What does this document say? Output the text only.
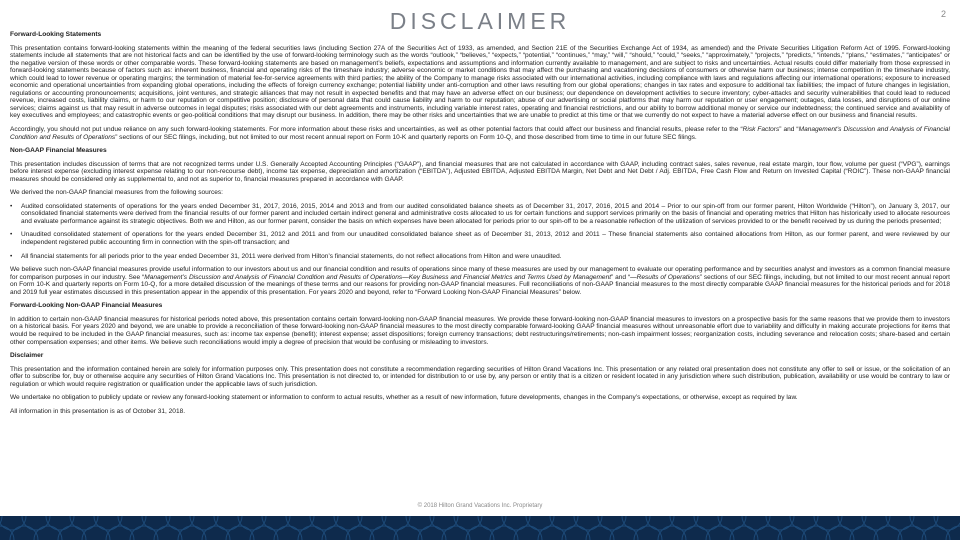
DISCLAIMER	2
Forward-Looking Statements

This presentation contains forward-looking statements within the meaning of the federal securities laws (including Section 27A of the Securities Act of 1933, as amended, and Section 21E of the Securities Exchange Act of 1934, as amended) and the Private Securities Litigation Reform Act of 1995. Forward-looking statements include all statements that are not historical facts and can be identified by the use of forward-looking terminology such as the words “outlook,” “believes,” “expects,” “potential,” “continues,” “may,” “will,” “should,” “could,” “seeks,” “approximately,” “projects,” “predicts,” “intends,” “plans,” “estimates,” “anticipates” or the negative version of these words or other comparable words. These forward-looking statements are based on management’s beliefs, expectations and assumptions and information currently available to management, and are subject to risks and uncertainties. Actual results could differ materially from those expressed in forward-looking statements because of factors such as: inherent business, financial and operating risks of the timeshare industry; adverse economic or market conditions that may affect the purchasing and vacationing decisions of consumers or otherwise harm our business; intense competition in the timeshare industry, which could lead to lower revenue or operating margins; the termination of material fee-for-service agreements with third parties; the ability of the Company to manage risks associated with our international activities, including compliance with laws and regulations affecting our international operations; exposure to increased economic and operational uncertainties from expanding global operations, including the effects of foreign currency exchange; potential liability under anti-corruption and other laws resulting from our global operations; changes in tax rates and exposure to additional tax liabilities; the impact of future changes in legislation, regulations or accounting pronouncements; acquisitions, joint ventures, and strategic alliances that may not result in expected benefits and that may have an adverse effect on our business; our dependence on development activities to secure inventory; cyber-attacks and security vulnerabilities that could lead to reduced revenue, increased costs, liability claims, or harm to our reputation or competitive position; disclosure of personal data that could cause liability and harm to our reputation; abuse of our advertising or social platforms that may harm our reputation or user engagement; outages, data losses, and disruptions of our online services; claims against us that may result in adverse outcomes in legal disputes; risks associated with our debt agreements and instruments, including variable interest rates, operating and financial restrictions, and our ability to borrow additional money or service our indebtedness; the continued service and availability of key executives and employees; and catastrophic events or geo-political conditions that may disrupt our business. In addition, there may be other risks and uncertainties that we are unable to predict at this time or that we currently do not expect to have a material adverse effect on our business and financial results.

Accordingly, you should not put undue reliance on any such forward-looking statements. For more information about these risks and uncertainties, as well as other potential factors that could affect our business and financial results, please refer to the “Risk Factors” and “Management’s Discussion and Analysis of Financial Condition and Results of Operations” sections of our SEC filings, including, but not limited to our most recent annual report on Form 10-K and quarterly reports on Form 10-Q, and those described from time to time in our future SEC filings.

Non-GAAP Financial Measures

This presentation includes discussion of terms that are not recognized terms under U.S. Generally Accepted Accounting Principles (“GAAP”), and financial measures that are not calculated in accordance with GAAP, including contract sales, sales revenue, real estate margin, tour flow, volume per guest (“VPG”), earnings before interest expense (excluding interest expense relating to our non-recourse debt), income tax expense, depreciation and amortization (“EBITDA”), Adjusted EBITDA, Adjusted EBITDA Margin, Net Debt and Net Debt / Adj. EBITDA, Free Cash Flow and Return on Invested Capital (“ROIC”). These non-GAAP financial measures should be considered only as supplemental to, and not as superior to, financial measures prepared in accordance with GAAP.

We derived the non-GAAP financial measures from the following sources:

• Audited consolidated statements of operations for the years ended December 31, 2017, 2016, 2015, 2014 and 2013 and from our audited consolidated balance sheets as of December 31, 2017, 2016, 2015 and 2014 – Prior to our spin-off from our former parent, Hilton Worldwide (“Hilton”), on January 3, 2017, our consolidated financial statements were derived from the financial results of our former parent and included certain indirect general and administrative costs allocated to us for certain functions and support services primarily on the basis of financial and operating metrics that Hilton has historically used to allocate resources and evaluate performance against its strategic objectives. Both we and Hilton, as our former parent, consider the basis on which expenses have been allocated for periods prior to our spin-off to be a reasonable reflection of the utilization of services provided to or the benefit received by us during the periods presented;
• Unaudited consolidated statement of operations for the years ended December 31, 2012 and 2011 and from our unaudited consolidated balance sheet as of December 31, 2013, 2012 and 2011 – These financial statements also contained allocations from Hilton, as our former parent, and were reviewed by our independent registered public accounting firm in connection with the spin-off transaction; and
• All financial statements for all periods prior to the year ended December 31, 2011 were derived from Hilton’s financial statements, do not reflect allocations from Hilton and were unaudited.

We believe such non-GAAP financial measures provide useful information to our investors about us and our financial condition and results of operations since many of these measures are used by our management to evaluate our operating performance and by securities analyst and investors as a common financial measure for comparison purposes in our industry. See “Management’s Discussion and Analysis of Financial Condition and Results of Operations—Key Business and Financial Metrics and Terms Used by Management” and “—Results of Operations” sections of our SEC filings, including, but not limited to our most recent annual report on Form 10-K and quarterly reports on Form 10-Q, for a more detailed discussion of the meanings of these terms and our reasons for providing non-GAAP financial measures. Full reconciliations of non-GAAP financial measures to the most directly comparable GAAP financial measures for the historical periods and for 2018 and 2019 full year estimates discussed in this presentation appear in the appendix of this presentation. For years 2020 and beyond, refer to “Forward Looking Non-GAAP Financial Measures” below.

Forward-Looking Non-GAAP Financial Measures

In addition to certain non-GAAP financial measures for historical periods noted above, this presentation contains certain forward-looking non-GAAP financial measures. We provide these forward-looking non-GAAP financial measures to investors on a prospective basis for the same reasons that we provide them to investors on a historical basis. For years 2020 and beyond, we are unable to provide a reconciliation of these forward-looking non-GAAP financial measures to the most directly comparable forward-looking GAAP financial measures without unreasonable effort due to variability and difficulty in making accurate projections for items that would be required to be included in the GAAP financial measures, such as: income tax expense (benefit); interest expense; asset dispositions; foreign currency transactions; debt restructurings/retirements; non-cash impairment losses; reorganization costs, including severance and relocation costs; share-based and certain other compensation expenses; and other items. We believe such reconciliations would imply a degree of precision that would be confusing or misleading to investors.

Disclaimer

This presentation and the information contained herein are solely for information purposes only. This presentation does not constitute a recommendation regarding securities of Hilton Grand Vacations Inc. This presentation or any related oral presentation does not constitute any offer to sell or issue, or the solicitation of an offer to subscribe for, buy or otherwise acquire any securities of Hilton Grand Vacations Inc. This presentation is not directed to, or intended for distribution to or use by, any person or entity that is a citizen or resident located in any jurisdiction where such distribution, publication, availability or use would be contrary to law or regulation or which would require registration or qualification under the applicable laws of such jurisdiction.

We undertake no obligation to publicly update or review any forward-looking statement or information to conform to actual results, whether as a result of new information, future developments, changes in the Company’s expectations, or otherwise, except as required by law.

All information in this presentation is as of October 31, 2018.

© 2018 Hilton Grand Vacations Inc. Proprietary
